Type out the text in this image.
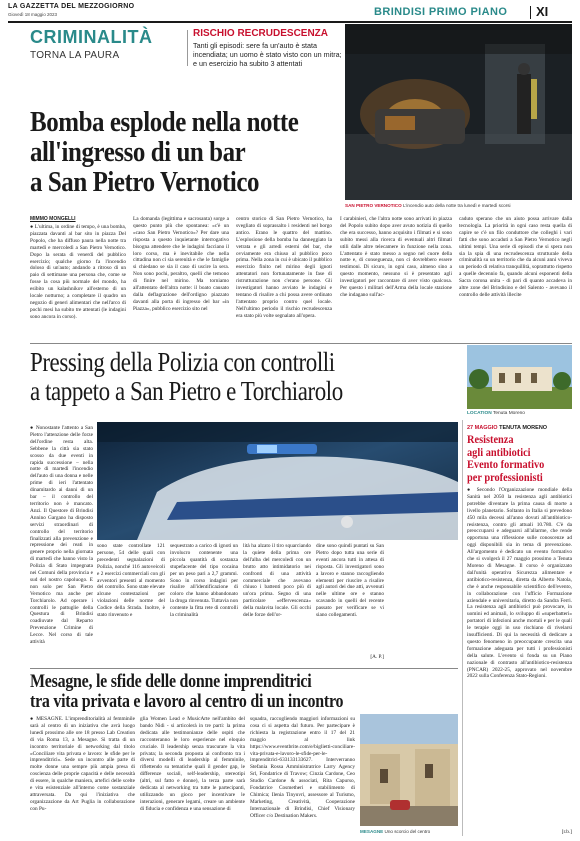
LA GAZZETTA DEL MEZZOGIORNO
Giovedì 18 maggio 2023	BRINDISI PRIMO PIANO XI
CRIMINALITÀ
TORNA LA PAURA
RISCHIO RECRUDESCENZA
Tanti gli episodi: sere fa un'auto è stata incendiata; un uomo è stato visto con un mitra; e un esercizio ha subito 3 attentati
SAN PIETRO VERNOTICO L'incendio auto della notte tra lunedì e martedì scorsi
Bomba esplode nella notte
all'ingresso di un bar
a San Pietro Vernotico
MIMMO MONGELLI

● L'ultima, in ordine di tempo, è una bomba, piazzata davanti al bar sito in piazza Del Popolo, che ha diffuso paura nella notte tra martedì e mercoledì a San Pietro Vernotico. Dopo la serata di venerdì del pubblico esercizio; qualche giorno fa l'incendio doloso di un'auto; andando a ritroso di un paio di settimane una persona che, come se fosse la cosa più normale del mondo, ha esibito un kalashnikov all'esterno di un locale notturno; a completare il quadro un negozio di generi alimentari che nell'arco di pochi mesi ha subito tre attentati (le indagini sono ancora in corso).

La domanda (legittima e sacrosanta) sorge a questo punto più che spontanea: «c'è un «caso San Pietro Vernotico»? Per dare una risposta a questo inquietante interrogativo bisogna attendere che le indagini facciano il loro corso, ma è inevitabile che nella cittadina non ci sia serenità e che le famiglie si chiedano se sia il caso di uscire la sera. Non sono pochi, peraltro, quelli che temono di finire nel mirino. Ma torniamo all'attentato dell'altra notte: il boato causato dalla deflagrazione dell'ordigno piazzato davanti alla porta di ingresso del bar «in Piazza», pubblico esercizio sito nel

centro storico di San Pietro Vernotico, ha svegliato di soprassalto i residenti nel borgo antico. Erano le quattro del mattino. L'esplosione della bomba ha danneggiato la vetrata e gli arredi esterni del bar, che ovviamente era chiuso al pubblico poco prima. Nella zona in cui è ubicato il pubblico esercizio finito nel mirino degli ignoti attentatori non fortunatamente in fase di ristrutturazione non c'erano persone. Gli investigatori hanno avviato le indagini e tentano di risalire a chi possa avere ordinato l'attentato proprio contro quel locale. Nell'ultimo periodo il rischio recrudescenza era stato più volte segnalato all'opera.

I carabinieri, che l'altra notte sono arrivati in piazza del Popolo subito dopo aver avuto notizia di quello che era successo, hanno acquisito i filmati e si sono subito messi alla ricerca di eventuali altri filmati utili dalle altre telecamere in funzione nella zona. L'attentato è stato messo a segno nel cuore della notte e, di conseguenza, non ci dovrebbero essere testimoni. Di sicuro, in ogni caso, almeno sino a questo momento, nessuno si è presentato agli investigatori per raccontare di aver visto qualcosa. Per questo i militari dell'Arma della locale stazione che indagano sull'ac-

caduto sperano che un aiuto possa arrivare dalla tecnologia. La priorità in ogni caso resta quella di capire se c'è un filo conduttore che colleghi i vari fatti che sono accaduti a San Pietro Vernotico negli ultimi tempi. Una serie di episodi che si spera non sia la spia di una recrudescenza strutturale della criminalità su un territorio che da alcuni anni viveva un periodo di relativa tranquillità, soprattutto rispetto a quelle decennio fa, quando alcuni esponenti della Sacra corona unita - di pari di quanto accadeva in altre zone del Brindisino e del Salento - avevano il controllo delle attività illecite

Pressing della Polizia con controlli
a tappeto a San Pietro e Torchiarolo
LOCATION Tenuta Moreno

● Nonostante l'attento a San Pietro l'attenzione delle forze dell'ordine resta alta. Sebbene la città sia stato scosso da due eventi in rapida successione – nella notte di martedì l'incendio dell'auto di una donna e nelle prime di ieri l'attentato dinamitardo ai danni di un bar – il controllo del territorio non è mancato. Anzi. Il Questore di Brindisi Annino Gargano ha disposto servizi straordinari di controllo del territorio finalizzati alla prevenzione e repressione dei reati in genere proprio nella giornata di martedì che hanno visto la Polizia di Stato impegnata nei Comuni della provincia e sud del nostro capoluogo. E non solo per San Pietro Vernotico ma anche per Torchiarolo. Ad operare i controlli le pattuglie della Questura di Brindisi coadiuvate dal Reparto Prevenzione Crimine di Lecce. Nel corso di tale attività

sono state controllate 121 persone, 54 delle quali con precedenti segnalazioni di Polizia, nonché 116 autoveicoli e 2 esercizi commerciali con gli avventori presenti al momento del controllo. Sono state elevate alcune contestazioni per violazioni delle norme del Codice della Strada. Inoltre, è stato rinvenuto e

sequestrato a carico di ignoti un involucro contenente una piccola quantità di sostanza stupefacente del tipo cocaina per un peso pari a 2,7 grammi. Sono in corso indagini per risalire all'identificazione di coloro che hanno abbandonato la droga rinvenuta. Tuttavia non contente la fitta rete di controlli la criminalità

lità ha alzato il tiro squarciando la quiete della prima ore dell'alba del mercoledì con un brutto atto intimidatorio nei confronti di una attività commerciale che avevano chiuso i battenti poco più di un'ora prima. Segno di una particolare «effervescenza» della malavita locale. Gli occhi delle forze dell'or-

dine sono quindi puntati su San Pietro dopo tutta una serie di eventi ancora tutti in attesa di risposta. Gli investigatori sono a lavoro e stanno raccogliendo elementi per riuscire a risalire agli autori dei due atti, avvenuti nelle ultime ore e stanno scavando in quelli del recente passato per verificare se vi siano collegamenti.

[A. P.]
27 MAGGIO TENUTA MORENO
Resistenza
agli antibiotici
Evento formativo
per professionisti

● Secondo l'Organizzazione mondiale della Sanità nel 2050 la resistenza agli antibiotici potrebbe diventare la prima causa di morte a livello planetario. Soltanto in Italia si prevedono 450 mila decessi all'anno dovuti all'antibiotico-resistenza, contro gli attuali 10.780. C'è da preoccuparsi e adeguarsi all'allarme, che rende opportuna una riflessione sulle conoscenze ad oggi disponibili sia in tema di prevenzione. All'argomento è dedicato un evento formativo che si svolgerà il 27 maggio prossimo a Tenuta Moreno di Mesagne. Il corso è organizzato dall'unità operativa Sicurezza alimentare e antibiotico-resistenza, diretta da Alberto Natola, che è anche responsabile scientifico dell'evento, in collaborazione con l'ufficio Formazione aziendale e universitaria, diretto da Sandra Ferri. La resistenza agli antibiotici può provocare, in uomini ed animali, lo sviluppo di «superbatteri» portatori di infezioni anche mortali e per le quali le terapie oggi in uso rischiano di rivelarsi insufficienti. Di qui la necessità di dedicare a questo fenomeno in preoccupante crescita una formazione adeguata per tutti i professionisti della salute. L'evento si fonda su un Piano nazionale di contrasto all'antibiotico-resistenza (PNCAR) 2022-25, approvato nel novembre 2022 sulla Conferenza Stato-Regioni.

[r.b.]
Mesagne, le sfide delle donne imprenditrici
tra vita privata e lavoro al centro di un incontro

● MESAGNE. L'imprenditorialità al femminile sarà al centro di un iniziativa che avrà luogo lunedì prossimo alle ore 18 presso Lab Creation di via Roma 13, a Mesagne. Si tratta di un incontro territoriale di networking dal titolo «Conciliare vita privata e lavoro: le sfide per le imprenditrici». Sede un incontro alle parte di molte donne una sempre più ampia presa di coscienza delle proprie capacità e delle necessità di essere, in qualche maniera, artefici delle scelte e vita esistenziale all'interno come sostanziale attraversata. Da qui l'iniziativa che organizzazione da Art Puglia in collaborazione con Pu-

glia Women Lead e MusicArte nell'ambito del bando Nidi - si articolerà in tre parti: la prima dedicata alle testimonianze delle ospiti che racconteranno le loro esperienze nel eloquio cruciale. Il leadership senza trascurare la vita privata; la seconda proposta ai confronto tra i diversi modelli di leadership al femminile, riflettendo su tematiche quali il gender gap, le differenze sociali, self-leadership, stereotipi (altri, sul fatto e donne), la terza parte sarà dedicata al networking tra tutte le partecipanti, utilizzando un gioco per incentivare le interazioni, generare legami, creare un ambiente di fiducia e confidenza e una sensazione di

squadra, raccogliendo maggiori informazioni su cosa ci si aspetta dal futuro. Per partecipare è richiesta la registrazione entro il 17 del 21 maggio al link https://www.eventbrite.com/e/biglietti-conciliare-vita-privata-e-lavoro-le-sfide-per-le-imprenditrici-633133133627. Interverranno Stefania Rossa Amministratrice Larry Agency Srl, Fondatrice di Travow; Cinzia Cardone, Ceo Studio Cardone & associati, Rita Capurso, Fondatrice Cosmetheri e stabilimento di Chimica; Ilenia Tinyuvri, assessore al Turismo, Marketing, Creatività, Cooperazione Internazionale di Brindisi, Chief Visionary Officer c/o Destination Makers.

MESAGNE Uno scorcio del centro
